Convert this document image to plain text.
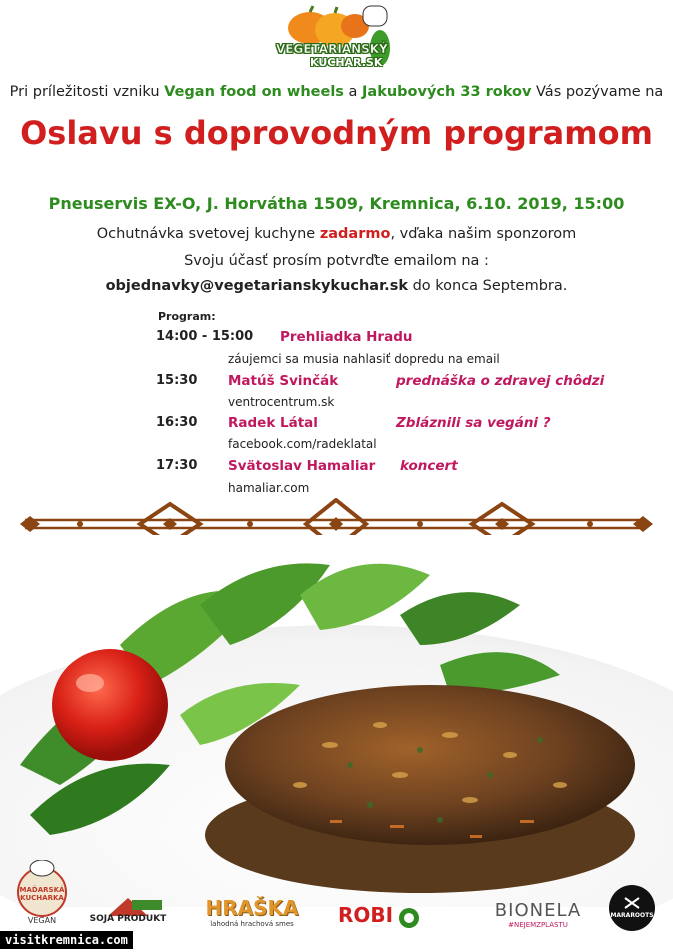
VEGETARIANSKÝ
KUCHAR.SK
Pri príležitosti vzniku Vegan food on wheels a Jakubových 33 rokov Vás pozývame na
Oslavu s doprovodným programom
Pneuservis EX-O, J. Horvátha 1509, Kremnica, 6.10. 2019, 15:00
Ochutnávka svetovej kuchyne zadarmo, vďaka našim sponzorom
Svoju účasť prosím potvrďte emailom na :
objednavky@vegetarianskykuchar.sk do konca Septembra.
Program:
14:00 - 15:00 Prehliadka Hradu
záujemci sa musia nahlasiť dopredu na email
15:30 Matúš Svinčák	prednáška o zdravej chôdzi
ventrocentrum.sk
16:30 Radek Látal	Zbláznili sa vegáni ?
facebook.com/radeklatal
17:30 Svätoslav Hamaliar koncert
hamaliar.com
MAĎARSKÁ
KUCHARKA
VEGAN	SOJA PRODUKT HRAŠKA
lahodná hrachová smes	ROBI	BIONELA
#NEJEMZPLASTU
MARAROOTS
visitkremnica.com
